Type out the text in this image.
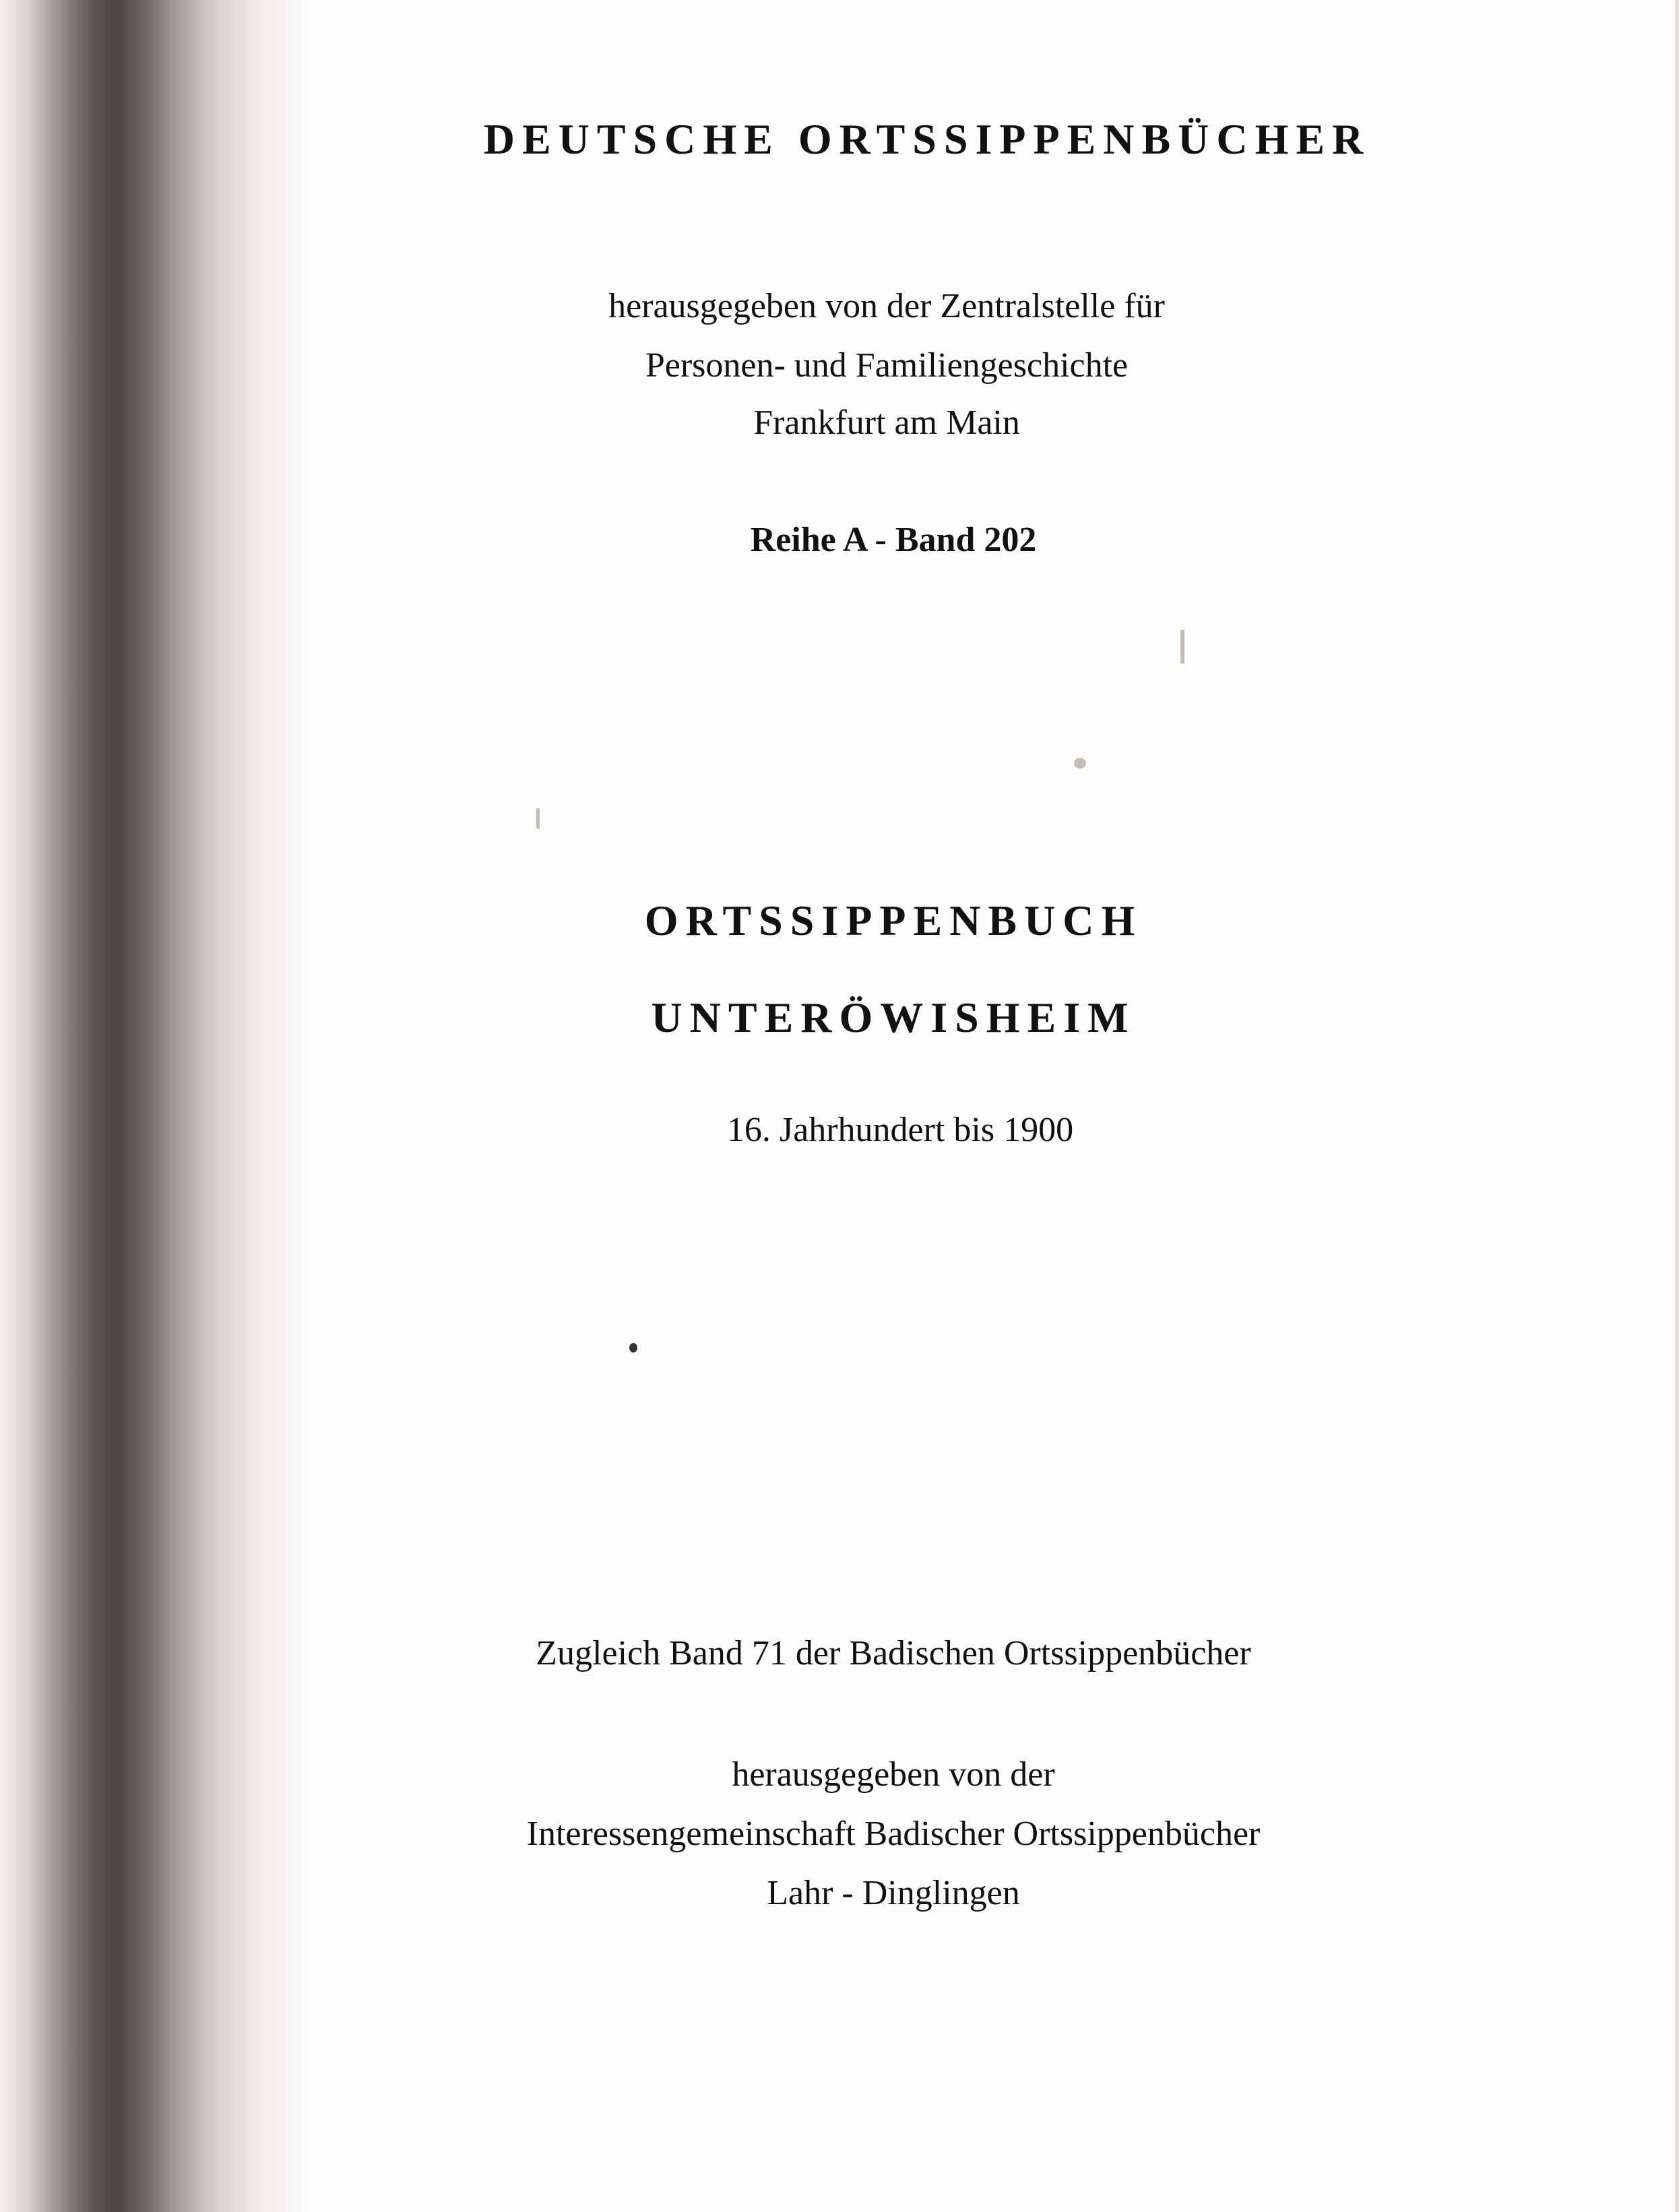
DEUTSCHE ORTSSIPPENBÜCHER
herausgegeben von der Zentralstelle für
Personen- und Familiengeschichte
Frankfurt am Main
Reihe A - Band 202
ORTSSIPPENBUCH
UNTERÖWISHEIM
16. Jahrhundert bis 1900
Zugleich Band 71 der Badischen Ortssippenbücher
herausgegeben von der
Interessengemeinschaft Badischer Ortssippenbücher
Lahr - Dinglingen
